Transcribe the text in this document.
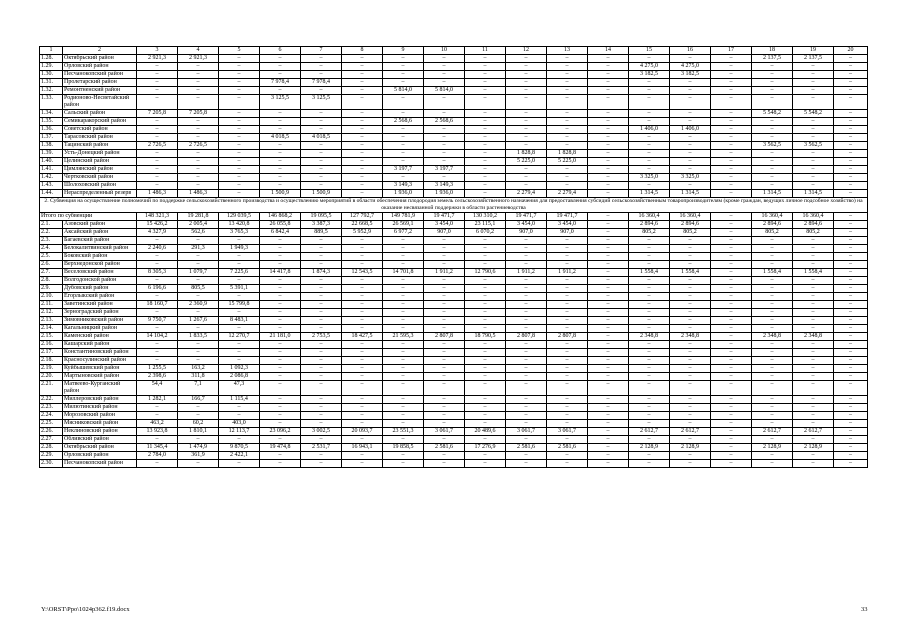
1	2	3	4	5	6	7	8	9	10	11	12	13	14	15	16	17	18	19	20
1.28.	Октябрьский район	2 921,3	2 921,3	–	–	–	–	–	–	–	–	–	–	–	–	–	2 137,5	2 137,5	–
1.29.	Орловский район	–	–	–	–	–	–	–	–	–	–	–	–	4 275,0	4 275,0	–	–	–	–
1.30.	Песчанокопский район	–	–	–	–	–	–	–	–	–	–	–	–	3 182,5	3 182,5	–	–	–	–
1.31.	Пролетарский район	–	–	–	7 978,4	7 978,4	–	–	–	–	–	–	–	–	–	–	–	–	–
1.32.	Ремонтненский район	–	–	–	–	–	–	5 814,0	5 814,0	–	–	–	–	–	–	–	–	–	–
1.33.	Родионово-Несветайский район	–	–	–	3 125,5	3 125,5	–	–	–	–	–	–	–	–	–	–	–	–	–
1.34.	Сальский район	7 205,8	7 205,8	–	–	–	–	–	–	–	–	–	–	–	–	–	5 548,2	5 548,2	–
1.35.	Семикаракорский район	–	–	–	–	–	–	2 568,6	2 568,6	–	–	–	–	–	–	–	–	–	–
1.36.	Советский район	–	–	–	–	–	–	–	–	–	–	–	–	1 406,0	1 406,0	–	–	–	–
1.37.	Тарасовский район	–	–	–	4 018,5	4 018,5	–	–	–	–	–	–	–	–	–	–	–	–	–
1.38.	Тацинский район	2 726,5	2 726,5	–	–	–	–	–	–	–	–	–	–	–	–	–	3 562,5	3 562,5	–
1.39.	Усть-Донецкий район	–	–	–	–	–	–	–	–	–	1 828,8	1 828,8	–	–	–	–	–	–	–
1.40.	Целинский район	–	–	–	–	–	–	–	–	–	5 225,0	5 225,0	–	–	–	–	–	–	–
1.41.	Цимлянский район	–	–	–	–	–	–	3 197,7	3 197,7	–	–	–	–	–	–	–	–	–	–
1.42.	Чертковский район	–	–	–	–	–	–	–	–	–	–	–	–	3 325,0	3 325,0	–	–	–	–
1.43.	Шолоховский район	–	–	–	–	–	–	3 149,3	3 149,3	–	–	–	–	–	–	–	–	–	–
1.44.	Нераспределенный резерв	1 486,3	1 486,3	–	1 500,9	1 500,9	–	1 936,0	1 936,0	–	2 279,4	2 279,4	–	1 314,5	1 314,5	–	1 314,5	1 314,5	–
2. Субвенция на осуществление полномочий по поддержке сельскохозяйственного производства и осуществлению мероприятий в области обеспечения плодородия земель сельскохозяйственного назначения для предоставления субсидий сельскохозяйственным товаропроизводителям (кроме граждан, ведущих личное подсобное хозяйство) на оказание несвязанной поддержки в области растениеводства																			
Итого по субвенции		148 321,3	19 281,8	129 039,5	146 868,2	19 095,5	127 792,7	149 781,9	19 471,7	130 310,2	19 471,7	19 471,7	–	16 360,4	16 360,4	–	16 360,4	16 360,4	–
2.1.	Азовский район	15 426,2	2 005,4	13 420,8	26 055,8	3 387,3	22 668,5	26 569,1	3 454,0	23 115,1	3 454,0	3 454,0	–	2 894,6	2 894,6	–	2 894,6	2 894,6	–
2.2.	Аксайский район	4 327,9	562,6	3 765,3	6 842,4	889,5	5 952,9	6 977,2	907,0	6 070,2	907,0	907,0	–	805,2	805,2	–	805,2	805,2	–
2.3.	Багаевский район	–	–	–	–	–	–	–	–	–	–	–	–	–	–	–	–	–	–
2.4.	Белокалитвинский район	2 240,6	291,3	1 949,3	–	–	–	–	–	–	–	–	–	–	–	–	–	–	–
2.5.	Боковский район	–	–	–	–	–	–	–	–	–	–	–	–	–	–	–	–	–	–
2.6.	Верхнедонской район	–	–	–	–	–	–	–	–	–	–	–	–	–	–	–	–	–	–
2.7.	Веселовский район	8 305,3	1 079,7	7 225,6	14 417,8	1 874,3	12 543,5	14 701,8	1 911,2	12 790,6	1 911,2	1 911,2	–	1 558,4	1 558,4	–	1 558,4	1 558,4	–
2.8.	Волгодонской район	–	–	–	–	–	–	–	–	–	–	–	–	–	–	–	–	–	–
2.9.	Дубовский район	6 196,6	805,5	5 391,1	–	–	–	–	–	–	–	–	–	–	–	–	–	–	–
2.10.	Егорлыкский район	–	–	–	–	–	–	–	–	–	–	–	–	–	–	–	–	–	–
2.11.	Заветинский район	18 160,7	2 360,9	15 799,8	–	–	–	–	–	–	–	–	–	–	–	–	–	–	–
2.12.	Зерноградский район	–	–	–	–	–	–	–	–	–	–	–	–	–	–	–	–	–	–
2.13.	Зимовниковский район	9 750,7	1 267,6	8 483,1	–	–	–	–	–	–	–	–	–	–	–	–	–	–	–
2.14.	Кагальницкий район	–	–	–	–	–	–	–	–	–	–	–	–	–	–	–	–	–	–
2.15.	Каменский район	14 104,2	1 833,5	12 270,7	21 181,0	2 753,5	18 427,5	21 595,3	2 807,8	18 790,5	2 807,8	2 807,8	–	2 348,8	2 348,8	–	2 348,8	2 348,8	–
2.16.	Кашарский район	–	–	–	–	–	–	–	–	–	–	–	–	–	–	–	–	–	–
2.17.	Константиновский район	–	–	–	–	–	–	–	–	–	–	–	–	–	–	–	–	–	–
2.18.	Красносулинский район	–	–	–	–	–	–	–	–	–	–	–	–	–	–	–	–	–	–
2.19.	Куйбышевский район	1 255,5	163,2	1 092,3	–	–	–	–	–	–	–	–	–	–	–	–	–	–	–
2.20.	Мартыновский район	2 398,6	311,8	2 086,8	–	–	–	–	–	–	–	–	–	–	–	–	–	–	–
2.21.	Матвеево-Курганский район	54,4	7,1	47,3	–	–	–	–	–	–	–	–	–	–	–	–	–	–	–
2.22.	Миллеровский район	1 282,1	166,7	1 115,4	–	–	–	–	–	–	–	–	–	–	–	–	–	–	–
2.23.	Милютинский район	–	–	–	–	–	–	–	–	–	–	–	–	–	–	–	–	–	–
2.24.	Морозовский район	–	–	–	–	–	–	–	–	–	–	–	–	–	–	–	–	–	–
2.25.	Мясниковский район	463,2	60,2	403,0	–	–	–	–	–	–	–	–	–	–	–	–	–	–	–
2.26.	Неклиновский район	13 923,8	1 810,1	12 113,7	23 096,2	3 002,5	20 093,7	23 551,3	3 061,7	20 489,6	3 061,7	3 061,7	–	2 612,7	2 612,7	–	2 612,7	2 612,7	–
2.27.	Обливский район	–	–	–	–	–	–	–	–	–	–	–	–	–	–	–	–	–	–
2.28.	Октябрьский район	11 345,4	1 474,9	9 870,5	19 474,8	2 531,7	16 943,1	19 858,5	2 581,6	17 276,9	2 581,6	2 581,6	–	2 128,9	2 128,9	–	2 128,9	2 128,9	–
2.29.	Орловский район	2 784,0	361,9	2 422,1	–	–	–	–	–	–	–	–	–	–	–	–	–	–	–
2.30.	Песчанокопский район	–	–	–	–	–	–	–	–	–	–	–	–	–	–	–	–	–	–
Y:\ORST\Ppo\1024p362.f19.docx	33
